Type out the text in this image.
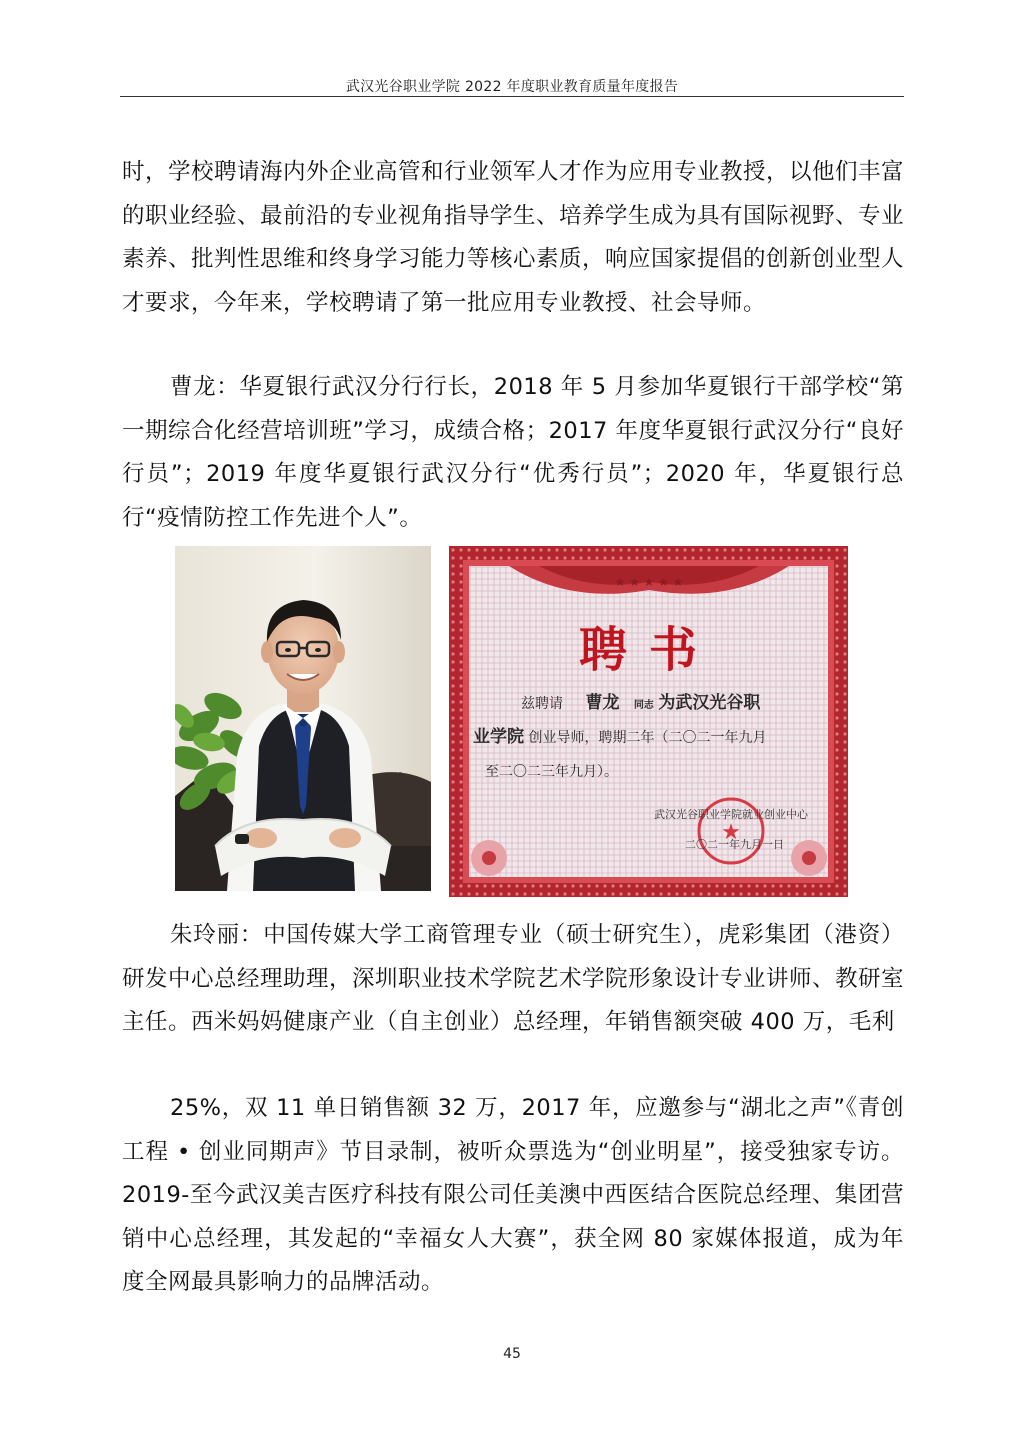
武汉光谷职业学院 2022 年度职业教育质量年度报告

时，学校聘请海内外企业高管和行业领军人才作为应用专业教授，以他们丰富的职业经验、最前沿的专业视角指导学生、培养学生成为具有国际视野、专业素养、批判性思维和终身学习能力等核心素质，响应国家提倡的创新创业型人才要求，今年来，学校聘请了第一批应用专业教授、社会导师。

曹龙：华夏银行武汉分行行长，2018 年 5 月参加华夏银行干部学校“第一期综合化经营培训班”学习，成绩合格；2017 年度华夏银行武汉分行“良好行员”；2019 年度华夏银行武汉分行“优秀行员”；2020 年，华夏银行总行“疫情防控工作先进个人”。

★ ★ ★ ★ ★
聘书
兹聘请 曹龙 同志 为武汉光谷职
业学院 创业导师，聘期二年（二〇二一年九月
至二〇二三年九月）。
★
武汉光谷职业学院就业创业中心
二〇二一年九月一日

朱玲丽：中国传媒大学工商管理专业（硕士研究生），虎彩集团（港资）研发中心总经理助理，深圳职业技术学院艺术学院形象设计专业讲师、教研室主任。西米妈妈健康产业（自主创业）总经理，年销售额突破 400 万，毛利

25%，双 11 单日销售额 32 万，2017 年，应邀参与“湖北之声”《青创工程 • 创业同期声》节目录制，被听众票选为“创业明星”，接受独家专访。2019-至今武汉美吉医疗科技有限公司任美澳中西医结合医院总经理、集团营销中心总经理，其发起的“幸福女人大赛”，获全网 80 家媒体报道，成为年度全网最具影响力的品牌活动。

45
